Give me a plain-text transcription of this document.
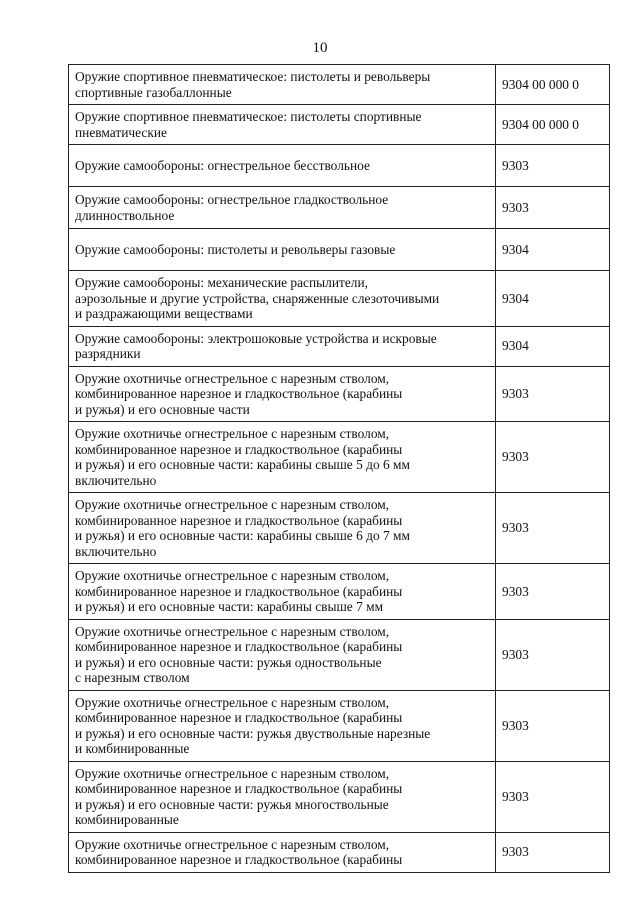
10
Оружие спортивное пневматическое: пистолеты и револьверы
спортивные газобаллонные	9304 00 000 0

Оружие спортивное пневматическое: пистолеты спортивные
пневматические	9304 00 000 0

Оружие самообороны: огнестрельное бесствольное	9303

Оружие самообороны: огнестрельное гладкоствольное
длинноствольное	9303

Оружие самообороны: пистолеты и револьверы газовые	9304

Оружие самообороны: механические распылители,
аэрозольные и другие устройства, снаряженные слезоточивыми
и раздражающими веществами	9304

Оружие самообороны: электрошоковые устройства и искровые
разрядники	9304

Оружие охотничье огнестрельное с нарезным стволом,
комбинированное нарезное и гладкоствольное (карабины
и ружья) и его основные части	9303

Оружие охотничье огнестрельное с нарезным стволом,
комбинированное нарезное и гладкоствольное (карабины
и ружья) и его основные части: карабины свыше 5 до 6 мм
включительно	9303

Оружие охотничье огнестрельное с нарезным стволом,
комбинированное нарезное и гладкоствольное (карабины
и ружья) и его основные части: карабины свыше 6 до 7 мм
включительно	9303

Оружие охотничье огнестрельное с нарезным стволом,
комбинированное нарезное и гладкоствольное (карабины
и ружья) и его основные части: карабины свыше 7 мм	9303

Оружие охотничье огнестрельное с нарезным стволом,
комбинированное нарезное и гладкоствольное (карабины
и ружья) и его основные части: ружья одноствольные
с нарезным стволом	9303

Оружие охотничье огнестрельное с нарезным стволом,
комбинированное нарезное и гладкоствольное (карабины
и ружья) и его основные части: ружья двуствольные нарезные
и комбинированные	9303

Оружие охотничье огнестрельное с нарезным стволом,
комбинированное нарезное и гладкоствольное (карабины
и ружья) и его основные части: ружья многоствольные
комбинированные	9303

Оружие охотничье огнестрельное с нарезным стволом,
комбинированное нарезное и гладкоствольное (карабины	9303
